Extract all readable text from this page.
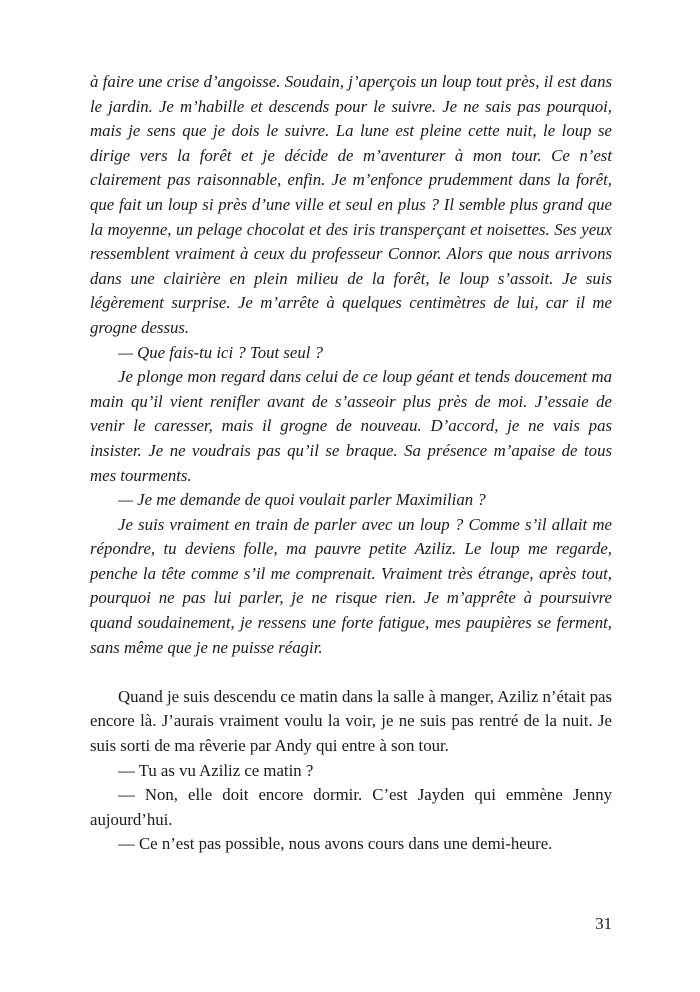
à faire une crise d’angoisse. Soudain, j’aperçois un loup tout près, il est dans le jardin. Je m’habille et descends pour le suivre. Je ne sais pas pourquoi, mais je sens que je dois le suivre. La lune est pleine cette nuit, le loup se dirige vers la forêt et je décide de m’aventurer à mon tour. Ce n’est clairement pas raisonnable, enfin. Je m’enfonce prudemment dans la forêt, que fait un loup si près d’une ville et seul en plus ? Il semble plus grand que la moyenne, un pelage chocolat et des iris transperçant et noisettes. Ses yeux ressemblent vraiment à ceux du professeur Connor. Alors que nous arrivons dans une clairière en plein milieu de la forêt, le loup s’assoit. Je suis légèrement surprise. Je m’arrête à quelques centimètres de lui, car il me grogne dessus.

— Que fais-tu ici ? Tout seul ?

Je plonge mon regard dans celui de ce loup géant et tends doucement ma main qu’il vient renifler avant de s’asseoir plus près de moi. J’essaie de venir le caresser, mais il grogne de nouveau. D’accord, je ne vais pas insister. Je ne voudrais pas qu’il se braque. Sa présence m’apaise de tous mes tourments.

— Je me demande de quoi voulait parler Maximilian ?

Je suis vraiment en train de parler avec un loup ? Comme s’il allait me répondre, tu deviens folle, ma pauvre petite Aziliz. Le loup me regarde, penche la tête comme s’il me comprenait. Vraiment très étrange, après tout, pourquoi ne pas lui parler, je ne risque rien. Je m’apprête à poursuivre quand soudainement, je ressens une forte fatigue, mes paupières se ferment, sans même que je ne puisse réagir.

Quand je suis descendu ce matin dans la salle à manger, Aziliz n’était pas encore là. J’aurais vraiment voulu la voir, je ne suis pas rentré de la nuit. Je suis sorti de ma rêverie par Andy qui entre à son tour.

— Tu as vu Aziliz ce matin ?

— Non, elle doit encore dormir. C’est Jayden qui emmène Jenny aujourd’hui.

— Ce n’est pas possible, nous avons cours dans une demi-heure.

31
